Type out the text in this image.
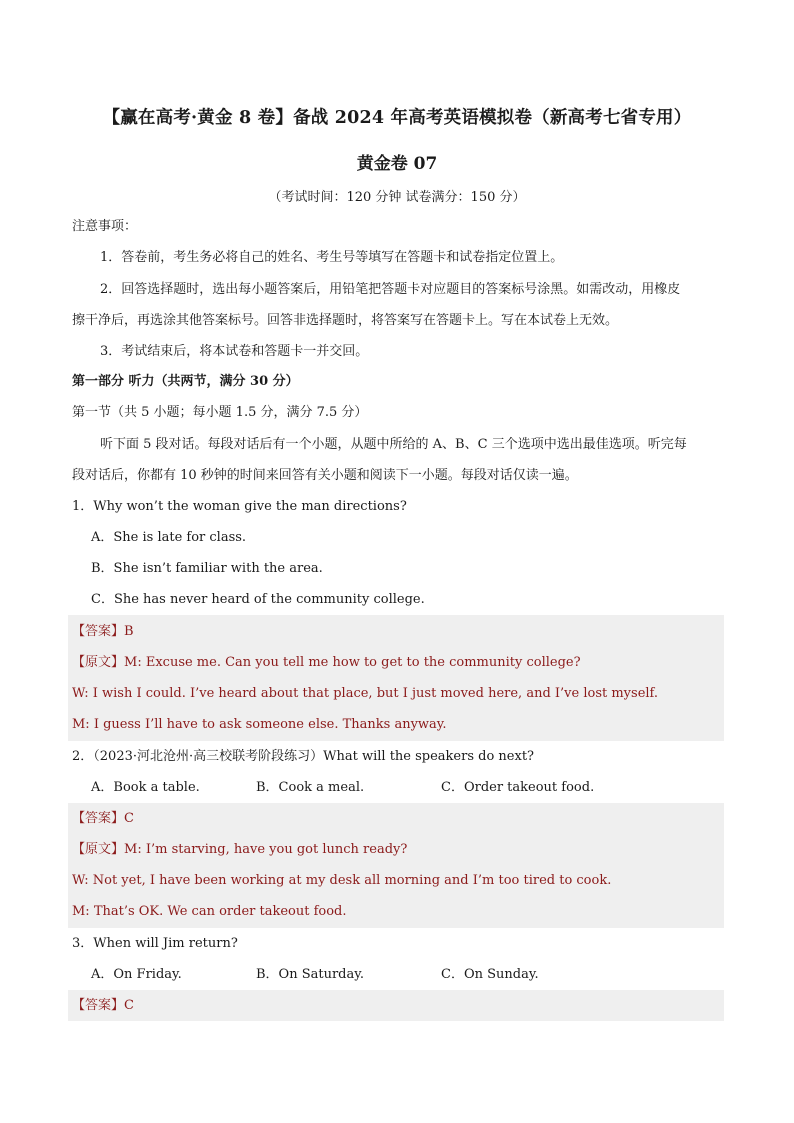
【赢在高考·黄金 8 卷】备战 2024 年高考英语模拟卷（新高考七省专用）
黄金卷 07
（考试时间：120 分钟 试卷满分：150 分）
注意事项：
1．答卷前，考生务必将自己的姓名、考生号等填写在答题卡和试卷指定位置上。
2．回答选择题时，选出每小题答案后，用铅笔把答题卡对应题目的答案标号涂黑。如需改动，用橡皮
擦干净后，再选涂其他答案标号。回答非选择题时，将答案写在答题卡上。写在本试卷上无效。
3．考试结束后，将本试卷和答题卡一并交回。
第一部分 听力（共两节，满分 30 分）
第一节（共 5 小题；每小题 1.5 分，满分 7.5 分）
听下面 5 段对话。每段对话后有一个小题，从题中所给的 A、B、C 三个选项中选出最佳选项。听完每
段对话后，你都有 10 秒钟的时间来回答有关小题和阅读下一小题。每段对话仅读一遍。
1．Why won’t the woman give the man directions?
A．She is late for class.
B．She isn’t familiar with the area.
C．She has never heard of the community college.
【答案】B
【原文】M: Excuse me. Can you tell me how to get to the community college?
W: I wish I could. I’ve heard about that place, but I just moved here, and I’ve lost myself.
M: I guess I’ll have to ask someone else. Thanks anyway.
2．（2023·河北沧州·高三校联考阶段练习）What will the speakers do next?
A．Book a table.	B．Cook a meal.	C．Order takeout food.
【答案】C
【原文】M: I’m starving, have you got lunch ready?
W: Not yet, I have been working at my desk all morning and I’m too tired to cook.
M: That’s OK. We can order takeout food.
3．When will Jim return?
A．On Friday.	B．On Saturday.	C．On Sunday.
【答案】C
